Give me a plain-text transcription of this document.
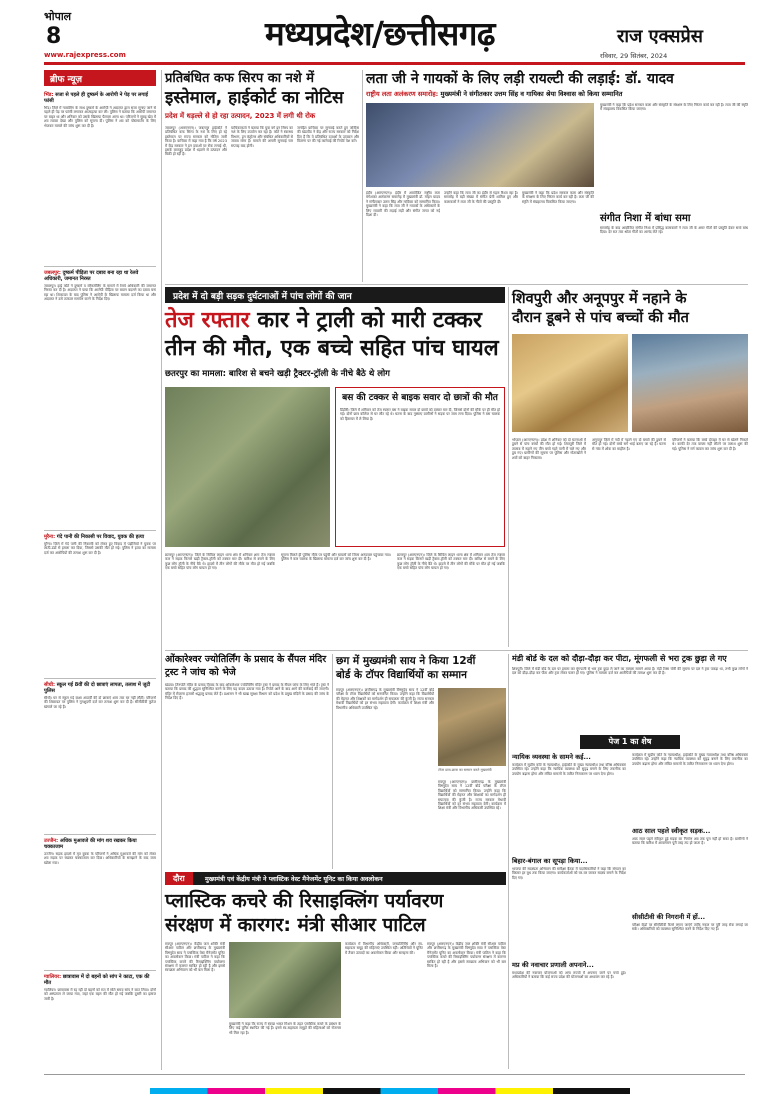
भोपाल
8
www.rajexpress.com
मध्यप्रदेश/छत्तीसगढ़	राज एक्सप्रेस
रविवार, 29 सितंबर, 2024
ब्रीफ न्यूज़
भिंड: सजा से पहले ही दुष्कर्म के आरोपी ने पेड़ पर लगाई फांसी
भिंड। जिले में नाबालिग के साथ दुष्कर्म के आरोपी ने अदालत द्वारा सजा सुनाए जाने से पहले ही पेड़ पर फांसी लगाकर आत्महत्या कर ली। पुलिस ने बताया कि आरोपी जमानत पर बाहर था और शनिवार को उसके खिलाफ फैसला आना था। परिजनों ने सुबह खेत में शव लटका देखा और पुलिस को सूचना दी। पुलिस ने शव को पोस्टमार्टम के लिए भेजकर मामले की जांच शुरू कर दी है।
जबलपुर: दुष्कर्म पीड़िता पर दबाव बना रहा था रेलवे अधिकारी, जमानत निरस्त
जबलपुर। हाई कोर्ट ने दुष्कर्म व ब्लैकमेलिंग के मामले में रेलवे अधिकारी की जमानत निरस्त कर दी है। अदालत ने पाया कि आरोपी पीड़िता पर बयान बदलने का दबाव बना रहा था। शिकायत के बाद पुलिस ने आरोपी के खिलाफ मामला दर्ज किया था और अदालत ने उसे तत्काल समर्पण करने के निर्देश दिए।
मुरैना: गंदे पानी की निकासी पर विवाद, युवक की हत्या
मुरैना। जिले में गंदे पानी की निकासी को लेकर हुए विवाद में पड़ोसियों ने युवक पर लाठी-डंडों से हमला कर दिया, जिससे उसकी मौत हो गई। पुलिस ने हत्या का मामला दर्ज कर आरोपियों की तलाश शुरू कर दी है।
सीधी: स्कूल गई 8वीं की दो छात्राएं लापता, तलाश में जुटी पुलिस
सीधी। घर से स्कूल गई कक्षा आठवीं की दो छात्राएं शाम तक घर नहीं लौटीं। परिजनों की शिकायत पर पुलिस ने गुमशुदगी दर्ज कर तलाश शुरू कर दी है। सीसीटीवी फुटेज खंगाले जा रहे हैं।
उज्जैन: अधिक मुआवजे की मांग शव रखकर किया चक्काजाम
उज्जैन। सड़क हादसे में मृत युवक के परिजनों ने अधिक मुआवजे की मांग को लेकर शव सड़क पर रखकर चक्काजाम कर दिया। अधिकारियों के समझाने के बाद जाम खोला गया।
ग्वालियर: छात्रावास में दो बहनों को सांप ने काटा, एक की मौत
ग्वालियर। छात्रावास में रह रही दो बहनों को रात में सोते समय सांप ने काट लिया। दोनों को अस्पताल ले जाया गया, जहां एक बहन की मौत हो गई जबकि दूसरी का इलाज जारी है।
प्रतिबंधित कफ सिरप का नशे में
इस्तेमाल, हाईकोर्ट का नोटिस
प्रदेश में धड़ल्ले से हो रहा उत्पादन, 2023 में लगी थी रोक
जबलपुर (आरएनएन)। जबलपुर हाईकोर्ट ने प्रतिबंधित कफ सिरप के नशे के लिए हो रहे इस्तेमाल पर राज्य सरकार को नोटिस जारी किया है। याचिका में कहा गया है कि वर्ष 2023 में केंद्र सरकार ने इन दवाओं पर रोक लगाई थी, इसके बावजूद प्रदेश में धड़ल्ले से उत्पादन और बिक्री हो रही है।
याचिकाकर्ता ने बताया कि युवा वर्ग इन सिरप का नशे के लिए उपयोग कर रहा है। कोर्ट ने स्वास्थ्य विभाग, ड्रग कंट्रोलर और संबंधित अधिकारियों से जवाब मांगा है। मामले की अगली सुनवाई चार सप्ताह बाद होगी।
जनहित याचिका पर सुनवाई करते हुए जस्टिस की खंडपीठ ने केंद्र और राज्य सरकार को निर्देश दिए हैं कि वे प्रतिबंधित दवाओं के उत्पादन और वितरण पर की गई कार्रवाई की रिपोर्ट पेश करें।
लता जी ने गायकों के लिए लड़ी रायल्टी की लड़ाई: डॉ. यादव
राष्ट्रीय लता अलंकरण समारोह: मुख्यमंत्री ने संगीतकार उत्तम सिंह व गायिका श्रेया विश्वास को किया सम्मानित
इंदौर (आरएनएन)। इंदौर में आयोजित राष्ट्रीय लता मंगेशकर अलंकरण समारोह में मुख्यमंत्री डॉ. मोहन यादव ने संगीतकार उत्तम सिंह और गायिका को सम्मानित किया। मुख्यमंत्री ने कहा कि लता जी ने गायकों के अधिकारों के लिए रायल्टी की लड़ाई लड़ी और संगीत जगत को नई दिशा दी।
उन्होंने कहा कि लता जी का इंदौर से गहरा रिश्ता रहा है। समारोह में बड़ी संख्या में संगीत प्रेमी शामिल हुए और कलाकारों ने लता जी के गीतों की प्रस्तुति दी।
मुख्यमंत्री ने कहा कि प्रदेश सरकार कला और संस्कृति के संरक्षण के लिए निरंतर कार्य कर रही है। लता जी की स्मृति में संग्रहालय विकसित किया जाएगा।
मुख्यमंत्री ने कहा कि प्रदेश सरकार कला और संस्कृति के संरक्षण के लिए निरंतर कार्य कर रही है। लता जी की स्मृति में संग्रहालय विकसित किया जाएगा।
संगीत निशा में बांधा समा
समारोह के बाद आयोजित संगीत निशा में प्रसिद्ध कलाकारों ने लता जी के अमर गीतों की प्रस्तुति देकर समां बांध दिया। देर रात तक श्रोता गीतों का आनंद लेते रहे।
प्रदेश में दो बड़ी सड़क दुर्घटनाओं में पांच लोगों की जान
तेज रफ्तार कार ने ट्राली को मारी टक्कर
तीन की मौत, एक बच्चे सहित पांच घायल
छतरपुर का मामला: बारिश से बचने खड़ी ट्रैक्टर-ट्रॉली के नीचे बैठे थे लोग
बस की टक्कर से बाइक सवार दो छात्रों की मौत
डिंडौरी। जिले में शनिवार को तेज रफ्तार बस ने बाइक सवार दो छात्रों को टक्कर मार दी, जिससे दोनों की मौके पर ही मौत हो गई। दोनों छात्र कॉलेज से घर लौट रहे थे। घटना के बाद गुस्साए ग्रामीणों ने सड़क पर जाम लगा दिया। पुलिस ने बस चालक को हिरासत में ले लिया है।
छतरपुर (आरएनएन)। जिले के सिविल लाइन थाना क्षेत्र में शनिवार शाम तेज रफ्तार कार ने सड़क किनारे खड़ी ट्रैक्टर-ट्रॉली को टक्कर मार दी। बारिश से बचने के लिए कुछ लोग ट्रॉली के नीचे बैठे थे। हादसे में तीन लोगों की मौके पर मौत हो गई जबकि एक बच्चे सहित पांच लोग घायल हो गए।
सूचना मिलते ही पुलिस मौके पर पहुंची और घायलों को जिला अस्पताल पहुंचाया गया। पुलिस ने कार चालक के खिलाफ मामला दर्ज कर जांच शुरू कर दी है।
छतरपुर (आरएनएन)। जिले के सिविल लाइन थाना क्षेत्र में शनिवार शाम तेज रफ्तार कार ने सड़क किनारे खड़ी ट्रैक्टर-ट्रॉली को टक्कर मार दी। बारिश से बचने के लिए कुछ लोग ट्रॉली के नीचे बैठे थे। हादसे में तीन लोगों की मौके पर मौत हो गई जबकि एक बच्चे सहित पांच लोग घायल हो गए।
शिवपुरी और अनूपपुर में नहाने के
दौरान डूबने से पांच बच्चों की मौत
भोपाल (आरएनएन)। प्रदेश में शनिवार को दो घटनाओं में डूबने से पांच बच्चों की मौत हो गई। शिवपुरी जिले में तालाब में नहाने गए तीन बच्चे गहरे पानी में चले गए और डूब गए। ग्रामीणों की सूचना पर पुलिस और गोताखोरों ने शवों को बाहर निकाला।
अनूपपुर जिले में नदी में नहाने गए दो बच्चों की डूबने से मौत हो गई। दोनों बच्चे सगे भाई बताए जा रहे हैं। घटना से गांव में शोक का माहौल है।
परिजनों ने बताया कि बच्चे दोपहर में घर से खेलने निकले थे। काफी देर तक वापस नहीं लौटने पर तलाश शुरू की गई। पुलिस ने मर्ग कायम कर जांच शुरू कर दी है।
ओंकारेश्वर ज्योतिर्लिंग के प्रसाद के सैंपल मंदिर ट्रस्ट ने जांच को भेजे
खंडवा। तिरुपति मंदिर के प्रसाद विवाद के बाद ओंकारेश्वर ज्योतिर्लिंग मंदिर ट्रस्ट ने प्रसाद के सैंपल जांच के लिए भेजे हैं। ट्रस्ट ने बताया कि प्रसाद की शुद्धता सुनिश्चित करने के लिए यह कदम उठाया गया है। रिपोर्ट आने के बाद आगे की कार्रवाई की जाएगी। मंदिर में रोजाना हजारों श्रद्धालु प्रसाद लेते हैं। प्रशासन ने भी खाद्य सुरक्षा विभाग को प्रदेश के प्रमुख मंदिरों के प्रसाद की जांच के निर्देश दिए हैं।
छग में मुख्यमंत्री साय ने किया 12वीं
बोर्ड के टॉपर विद्यार्थियों का सम्मान
रायपुर (आरएनएन)। छत्तीसगढ़ के मुख्यमंत्री विष्णुदेव साय ने 12वीं बोर्ड परीक्षा के टॉपर विद्यार्थियों को सम्मानित किया। उन्होंने कहा कि विद्यार्थियों की मेहनत और शिक्षकों का मार्गदर्शन ही सफलता की कुंजी है। राज्य सरकार मेधावी विद्यार्थियों को हर संभव सहायता देगी। कार्यक्रम में शिक्षा मंत्री और विभागीय अधिकारी उपस्थित रहे।
टॉपर छात्र-छात्रा का सम्मान करते मुख्यमंत्री
रायपुर (आरएनएन)। छत्तीसगढ़ के मुख्यमंत्री विष्णुदेव साय ने 12वीं बोर्ड परीक्षा के टॉपर विद्यार्थियों को सम्मानित किया। उन्होंने कहा कि विद्यार्थियों की मेहनत और शिक्षकों का मार्गदर्शन ही सफलता की कुंजी है। राज्य सरकार मेधावी विद्यार्थियों को हर संभव सहायता देगी। कार्यक्रम में शिक्षा मंत्री और विभागीय अधिकारी उपस्थित रहे।
मंडी बोर्ड के दल को दौड़ा-दौड़ा कर पीटा, मूंगफली से भरा ट्रक छुड़ा ले गए
शिवपुरी। जिले में मंडी बोर्ड के दल पर हमला कर मूंगफली से भरा ट्रक छुड़ा ले जाने का मामला सामने आया है। मंडी टैक्स चोरी की सूचना पर दल ने ट्रक पकड़ा था, तभी कुछ लोगों ने दल को दौड़ा-दौड़ा कर पीटा और ट्रक लेकर फरार हो गए। पुलिस ने मामला दर्ज कर आरोपियों की तलाश शुरू कर दी है।
पेज 1 का शेष
न्यायिक व्यवस्था के सामने कई...
कार्यक्रम में सुप्रीम कोर्ट के न्यायाधीश, हाईकोर्ट के मुख्य न्यायाधीश तथा वरिष्ठ अधिवक्ता उपस्थित रहे। उन्होंने कहा कि न्यायिक व्यवस्था को सुदृढ़ बनाने के लिए तकनीक का उपयोग बढ़ाना होगा और लंबित मामलों के त्वरित निराकरण पर ध्यान देना होगा।
बिहार-बंगाल का सूपड़ा किया...
भाजपा की सदस्यता अभियान की समीक्षा बैठक में पदाधिकारियों ने कहा कि संगठन का विस्तार हर बूथ तक किया जाएगा। कार्यकर्ताओं को घर-घर जाकर सदस्य बनाने के निर्देश दिए गए।
मप्र की नवाचार प्रणाली अपनाने...
मध्यप्रदेश की नवाचार योजनाओं को अन्य राज्यों में अपनाए जाने पर चर्चा हुई। अधिकारियों ने बताया कि कई राज्य प्रदेश की योजनाओं का अध्ययन कर रहे हैं।
कार्यक्रम में सुप्रीम कोर्ट के न्यायाधीश, हाईकोर्ट के मुख्य न्यायाधीश तथा वरिष्ठ अधिवक्ता उपस्थित रहे। उन्होंने कहा कि न्यायिक व्यवस्था को सुदृढ़ बनाने के लिए तकनीक का उपयोग बढ़ाना होगा और लंबित मामलों के त्वरित निराकरण पर ध्यान देना होगा।
आठ साल पहले स्वीकृत सड़क...
आठ साल पहले स्वीकृत हुई सड़क का निर्माण अब तक पूरा नहीं हो सका है। ग्रामीणों ने बताया कि बारिश में आवागमन पूरी तरह ठप हो जाता है।
सीसीटीवी की निगरानी में हों...
परीक्षा केंद्रों पर सीसीटीवी कैमरे लगाए जाएंगे ताकि नकल पर पूरी तरह रोक लगाई जा सके। अधिकारियों को व्यवस्था सुनिश्चित करने के निर्देश दिए गए हैं।
दौरा	मुख्यमंत्री एवं केंद्रीय मंत्री ने प्लास्टिक वेस्ट मैनेजमेंट यूनिट का किया अवलोकन
प्लास्टिक कचरे की रिसाइक्लिंग पर्यावरण
संरक्षण में कारगर: मंत्री सीआर पाटिल
रायपुर (आरएनएन)। केंद्रीय जल शक्ति मंत्री सीआर पाटिल और छत्तीसगढ़ के मुख्यमंत्री विष्णुदेव साय ने प्लास्टिक वेस्ट मैनेजमेंट यूनिट का अवलोकन किया। मंत्री पाटिल ने कहा कि प्लास्टिक कचरे की रिसाइक्लिंग पर्यावरण संरक्षण में कारगर साबित हो रही है और इससे स्वच्छता अभियान को भी बल मिला है।
मुख्यमंत्री ने कहा कि राज्य में स्वच्छ भारत मिशन के तहत प्लास्टिक कचरे के प्रबंधन के लिए कई यूनिट स्थापित की गई हैं। इनसे स्व-सहायता समूहों की महिलाओं को रोजगार भी मिल रहा है।
कार्यक्रम में विभागीय अधिकारी, जनप्रतिनिधि और स्व-सहायता समूह की महिलाएं उपस्थित रहीं। अतिथियों ने यूनिट में तैयार उत्पादों का अवलोकन किया और सराहना की।
रायपुर (आरएनएन)। केंद्रीय जल शक्ति मंत्री सीआर पाटिल और छत्तीसगढ़ के मुख्यमंत्री विष्णुदेव साय ने प्लास्टिक वेस्ट मैनेजमेंट यूनिट का अवलोकन किया। मंत्री पाटिल ने कहा कि प्लास्टिक कचरे की रिसाइक्लिंग पर्यावरण संरक्षण में कारगर साबित हो रही है और इससे स्वच्छता अभियान को भी बल मिला है।
